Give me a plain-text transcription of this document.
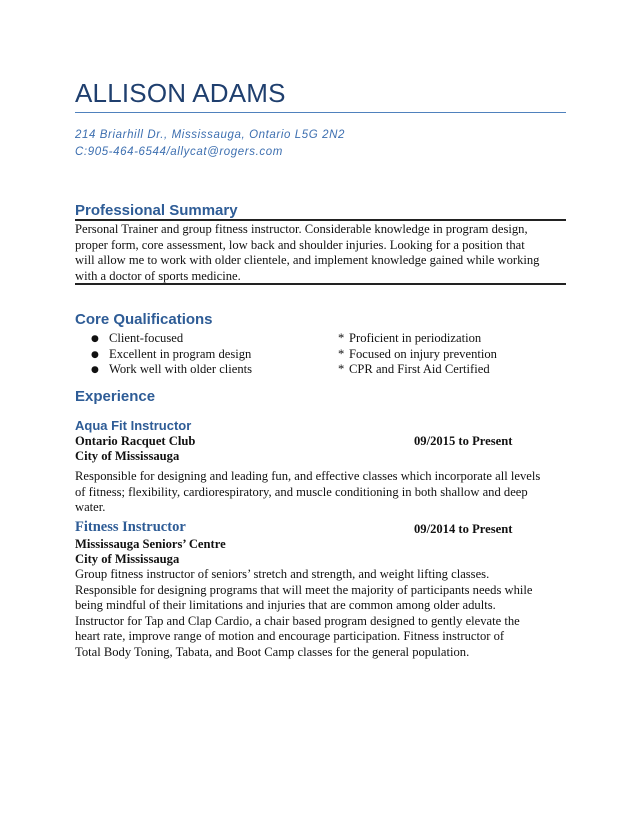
ALLISON ADAMS
214 Briarhill Dr., Mississauga, Ontario L5G 2N2
C:905-464-6544/allycat@rogers.com
Professional Summary
Personal Trainer and group fitness instructor. Considerable knowledge in program design,
proper form, core assessment, low back and shoulder injuries. Looking for a position that
will allow me to work with older clientele, and implement knowledge gained while working
with a doctor of sports medicine.
Core Qualifications
● Client-focused
● Excellent in program design
● Work well with older clients
* Proficient in periodization
* Focused on injury prevention
* CPR and First Aid Certified
Experience
Aqua Fit Instructor
Ontario Racquet Club	09/2015 to Present
City of Mississauga
Responsible for designing and leading fun, and effective classes which incorporate all levels
of fitness; flexibility, cardiorespiratory, and muscle conditioning in both shallow and deep
water.
Fitness Instructor	09/2014 to Present
Mississauga Seniors’ Centre
City of Mississauga
Group fitness instructor of seniors’ stretch and strength, and weight lifting classes.
Responsible for designing programs that will meet the majority of participants needs while
being mindful of their limitations and injuries that are common among older adults.
Instructor for Tap and Clap Cardio, a chair based program designed to gently elevate the
heart rate, improve range of motion and encourage participation. Fitness instructor of
Total Body Toning, Tabata, and Boot Camp classes for the general population.
